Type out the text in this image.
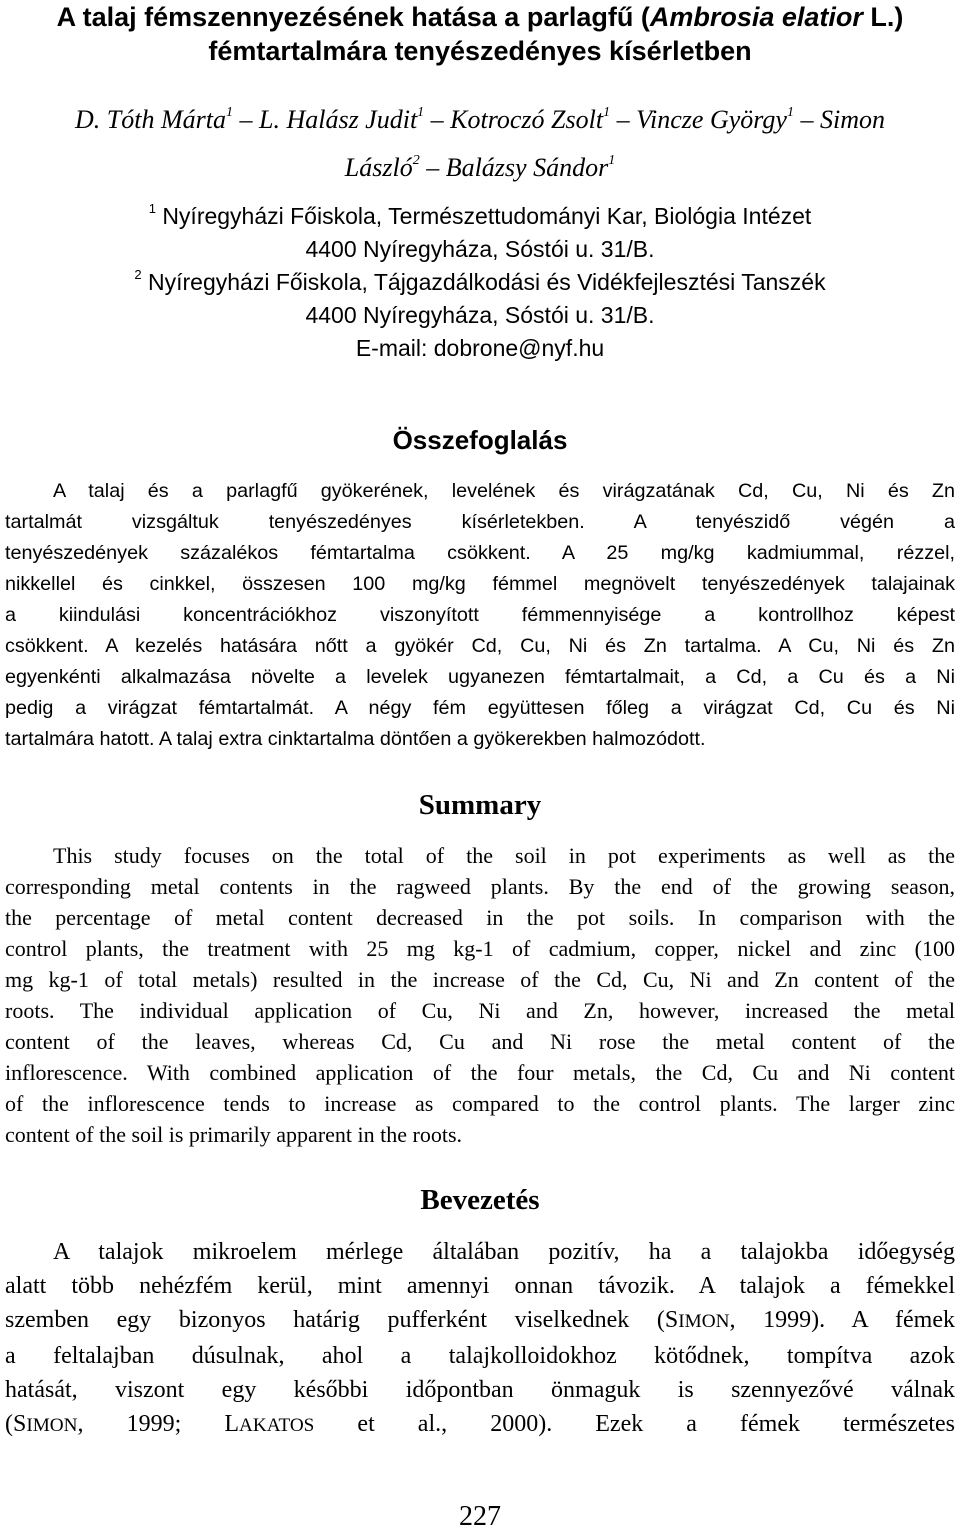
A talaj fémszennyezésének hatása a parlagfű (Ambrosia elatior L.)
fémtartalmára tenyészedényes kísérletben
D. Tóth Márta$^1$ – L. Halász Judit$^1$ – Kotroczó Zsolt$^1$ – Vincze György$^1$ – Simon
László$^2$ – Balázsy Sándor$^1$
$^1$ Nyíregyházi Főiskola, Természettudományi Kar, Biológia Intézet
4400 Nyíregyháza, Sóstói u. 31/B.
$^2$ Nyíregyházi Főiskola, Tájgazdálkodási és Vidékfejlesztési Tanszék
4400 Nyíregyháza, Sóstói u. 31/B.
E-mail: dobrone@nyf.hu
Összefoglalás
A talaj és a parlagfű gyökerének, levelének és virágzatának Cd, Cu, Ni és Zn
tartalmát vizsgáltuk tenyészedényes kísérletekben. A tenyészidő végén a
tenyészedények százalékos fémtartalma csökkent. A 25 mg/kg kadmiummal, rézzel,
nikkellel és cinkkel, összesen 100 mg/kg fémmel megnövelt tenyészedények talajainak
a kiindulási koncentrációkhoz viszonyított fémmennyisége a kontrollhoz képest
csökkent. A kezelés hatására nőtt a gyökér Cd, Cu, Ni és Zn tartalma. A Cu, Ni és Zn
egyenkénti alkalmazása növelte a levelek ugyanezen fémtartalmait, a Cd, a Cu és a Ni
pedig a virágzat fémtartalmát. A négy fém együttesen főleg a virágzat Cd, Cu és Ni
tartalmára hatott. A talaj extra cinktartalma döntően a gyökerekben halmozódott.
Summary
This study focuses on the total of the soil in pot experiments as well as the
corresponding metal contents in the ragweed plants. By the end of the growing season,
the percentage of metal content decreased in the pot soils. In comparison with the
control plants, the treatment with 25 mg kg-1 of cadmium, copper, nickel and zinc (100
mg kg-1 of total metals) resulted in the increase of the Cd, Cu, Ni and Zn content of the
roots. The individual application of Cu, Ni and Zn, however, increased the metal
content of the leaves, whereas Cd, Cu and Ni rose the metal content of the
inflorescence. With combined application of the four metals, the Cd, Cu and Ni content
of the inflorescence tends to increase as compared to the control plants. The larger zinc
content of the soil is primarily apparent in the roots.
Bevezetés
A talajok mikroelem mérlege általában pozitív, ha a talajokba időegység
alatt több nehézfém kerül, mint amennyi onnan távozik. A talajok a fémekkel
szemben egy bizonyos határig pufferként viselkednek (SIMON, 1999). A fémek
a feltalajban dúsulnak, ahol a talajkolloidokhoz kötődnek, tompítva azok
hatását, viszont egy későbbi időpontban önmaguk is szennyezővé válnak
(SIMON, 1999; LAKATOS et al., 2000). Ezek a fémek természetes
227
